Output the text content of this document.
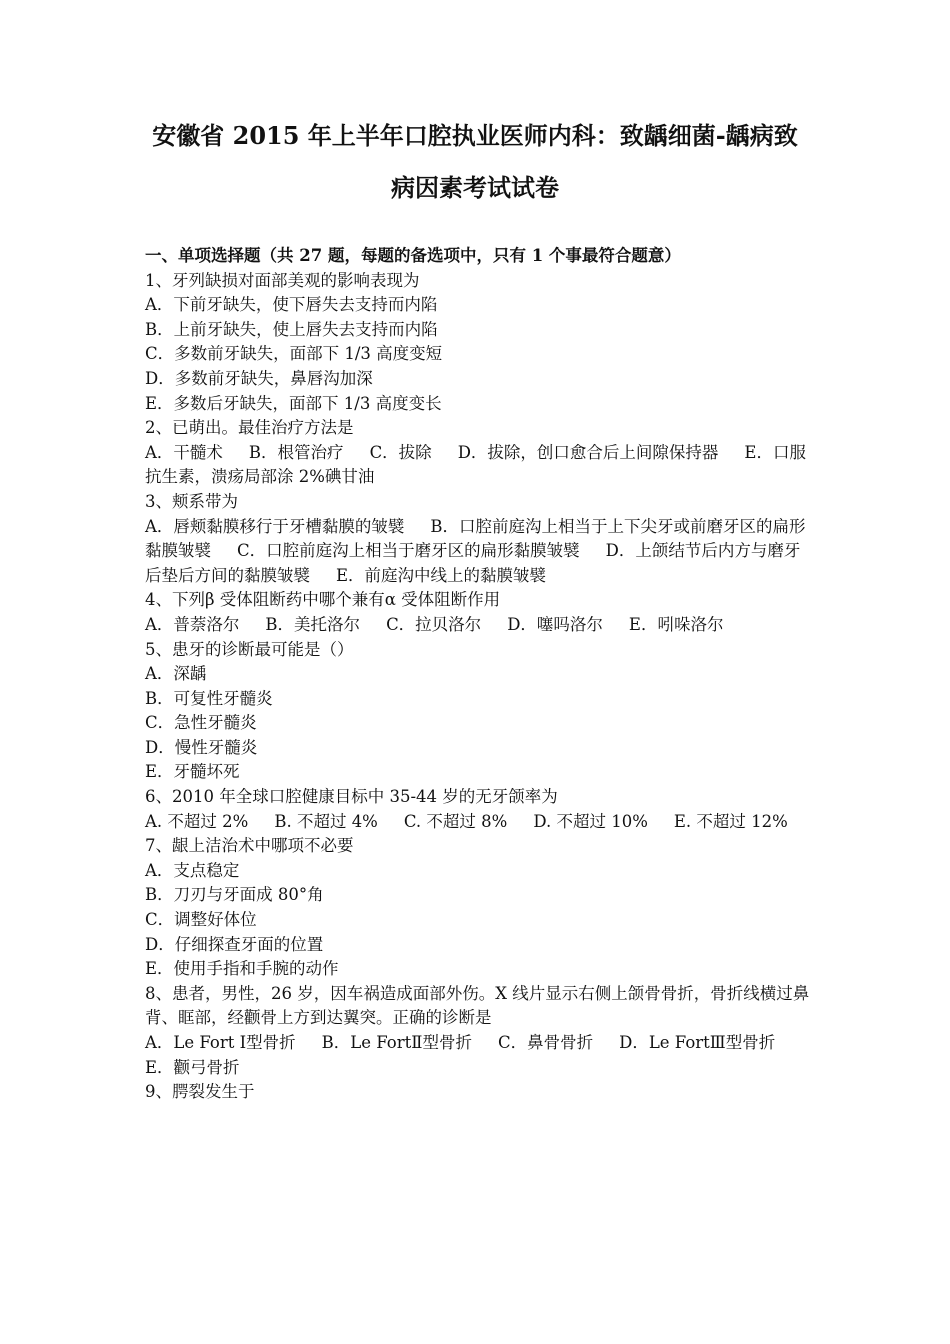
安徽省 2015 年上半年口腔执业医师内科：致龋细菌-龋病致
病因素考试试卷
一、单项选择题（共 27 题，每题的备选项中，只有 1 个事最符合题意）
1、牙列缺损对面部美观的影响表现为
A．下前牙缺失，使下唇失去支持而内陷
B．上前牙缺失，使上唇失去支持而内陷
C．多数前牙缺失，面部下 1/3 高度变短
D．多数前牙缺失，鼻唇沟加深
E．多数后牙缺失，面部下 1/3 高度变长
2、已萌出。最佳治疗方法是
A．干髓术 B．根管治疗 C．拔除 D．拔除，创口愈合后上间隙保持器 E．口服抗生素，溃疡局部涂 2%碘甘油
3、颊系带为
A．唇颊黏膜移行于牙槽黏膜的皱襞 B．口腔前庭沟上相当于上下尖牙或前磨牙区的扁形黏膜皱襞 C．口腔前庭沟上相当于磨牙区的扁形黏膜皱襞 D．上颌结节后内方与磨牙后垫后方间的黏膜皱襞 E．前庭沟中线上的黏膜皱襞
4、下列β 受体阻断药中哪个兼有α 受体阻断作用
A．普萘洛尔 B．美托洛尔 C．拉贝洛尔 D．噻吗洛尔 E．吲哚洛尔
5、患牙的诊断最可能是（）
A．深龋
B．可复性牙髓炎
C．急性牙髓炎
D．慢性牙髓炎
E．牙髓坏死
6、2010 年全球口腔健康目标中 35-44 岁的无牙颌率为
A. 不超过 2% B. 不超过 4% C. 不超过 8% D. 不超过 10% E. 不超过 12%
7、龈上洁治术中哪项不必要
A．支点稳定
B．刀刃与牙面成 80°角
C．调整好体位
D．仔细探查牙面的位置
E．使用手指和手腕的动作
8、患者，男性，26 岁，因车祸造成面部外伤。X 线片显示右侧上颌骨骨折，骨折线横过鼻背、眶部，经颧骨上方到达翼突。正确的诊断是
A．Le Fort Ⅰ型骨折 B．Le FortⅡ型骨折 C．鼻骨骨折 D．Le FortⅢ型骨折E．颧弓骨折
9、腭裂发生于
